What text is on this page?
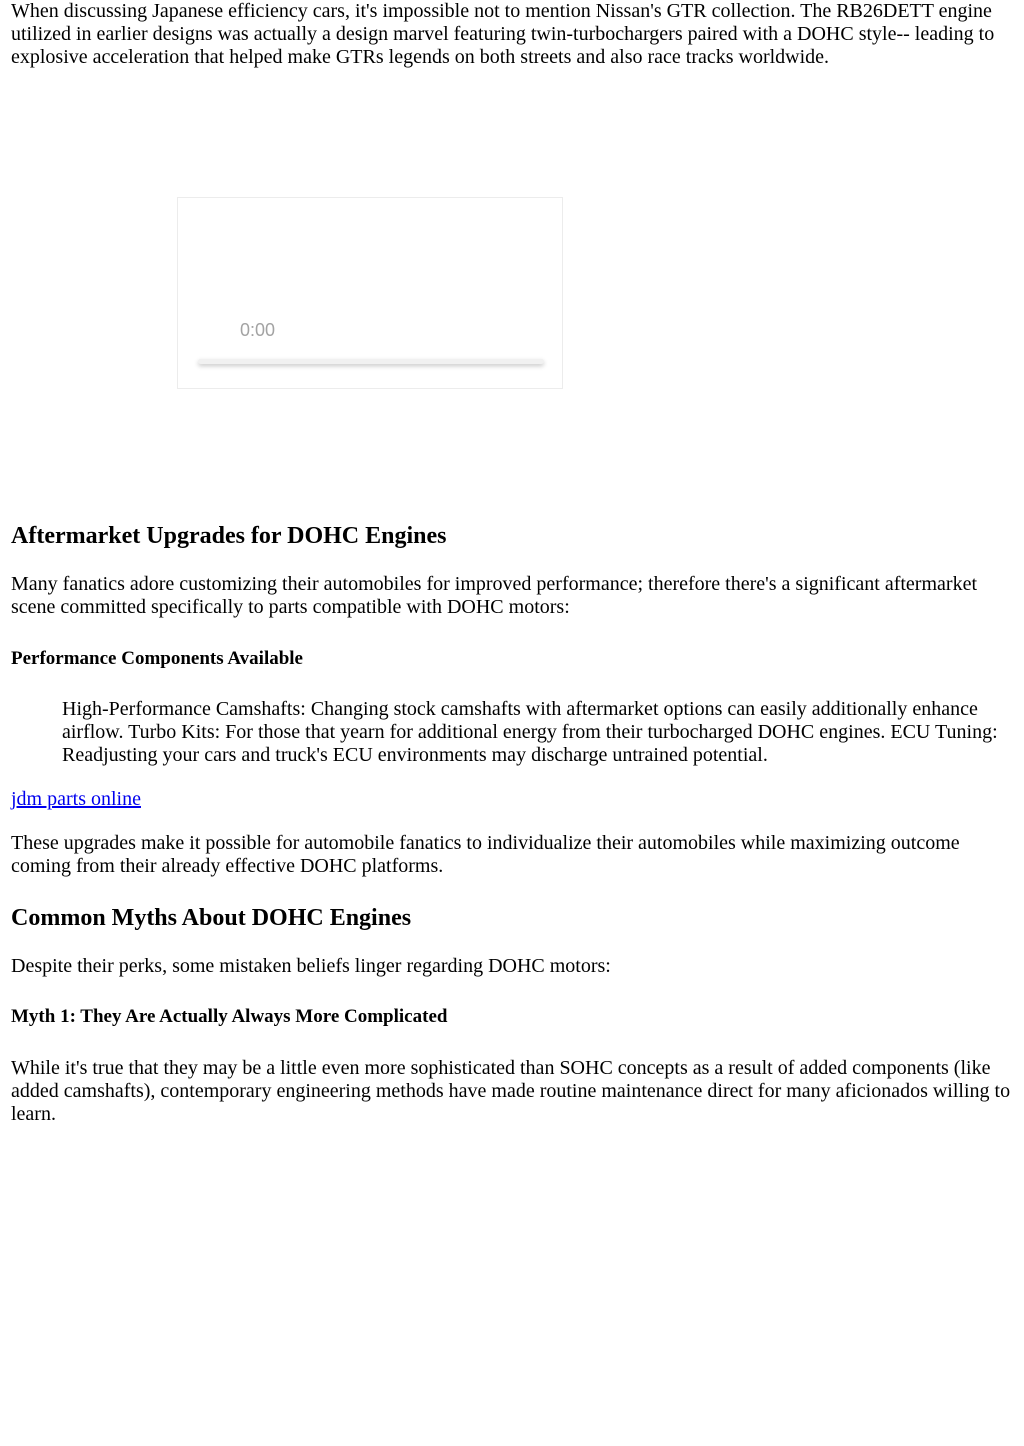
When discussing Japanese efficiency cars, it's impossible not to mention Nissan's GTR collection. The RB26DETT engine utilized in earlier designs was actually a design marvel featuring twin-turbochargers paired with a DOHC style-- leading to explosive acceleration that helped make GTRs legends on both streets and also race tracks worldwide.

0:00
Aftermarket Upgrades for DOHC Engines

Many fanatics adore customizing their automobiles for improved performance; therefore there's a significant aftermarket scene committed specifically to parts compatible with DOHC motors:

Performance Components Available

High-Performance Camshafts: Changing stock camshafts with aftermarket options can easily additionally enhance airflow. Turbo Kits: For those that yearn for additional energy from their turbocharged DOHC engines. ECU Tuning: Readjusting your cars and truck's ECU environments may discharge untrained potential.

jdm parts online

These upgrades make it possible for automobile fanatics to individualize their automobiles while maximizing outcome coming from their already effective DOHC platforms.

Common Myths About DOHC Engines

Despite their perks, some mistaken beliefs linger regarding DOHC motors:

Myth 1: They Are Actually Always More Complicated

While it's true that they may be a little even more sophisticated than SOHC concepts as a result of added components (like added camshafts), contemporary engineering methods have made routine maintenance direct for many aficionados willing to learn.
